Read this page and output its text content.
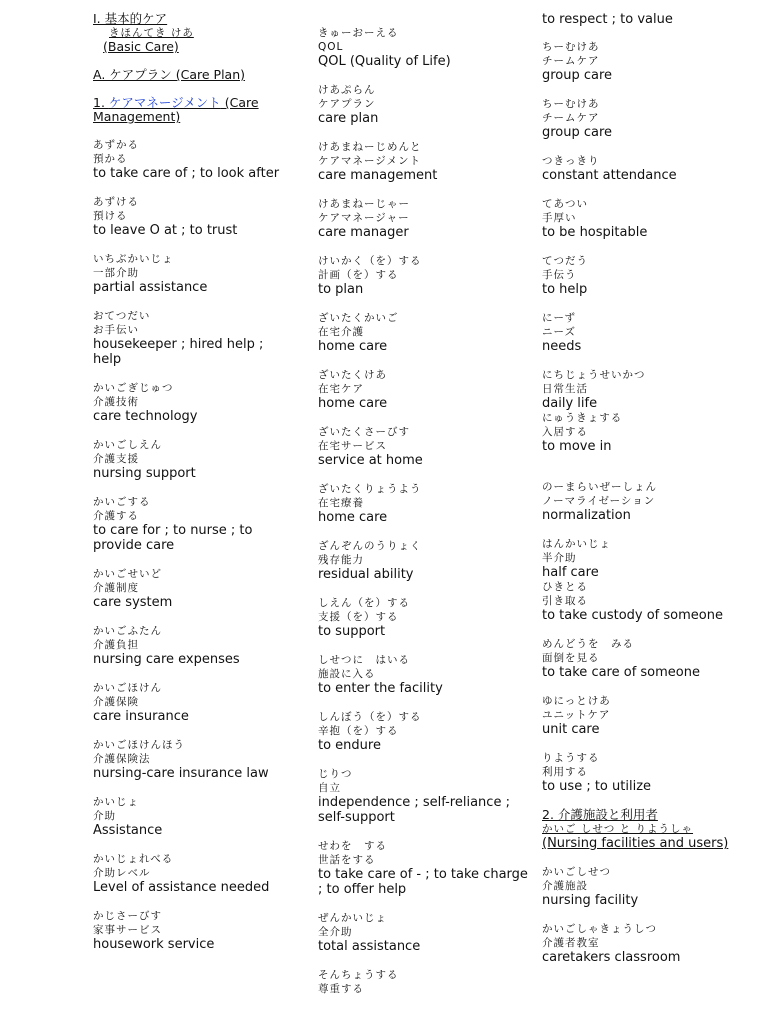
I. 基本的ケア
きほんてき けあ
(Basic Care)
A. ケアプラン (Care Plan)
1. ケアマネージメント (Care Management)
あずかる
預かる
to take care of ; to look after
あずける
預ける
to leave O at ; to trust
いちぶかいじょ
一部介助
partial assistance
おてつだい
お手伝い
housekeeper ; hired help ; help
かいごぎじゅつ
介護技術
care technology
かいごしえん
介護支援
nursing support
かいごする
介護する
to care for ; to nurse ; to provide care
かいごせいど
介護制度
care system
かいごふたん
介護負担
nursing care expenses
かいごほけん
介護保険
care insurance
かいごほけんほう
介護保険法
nursing-care insurance law
かいじょ
介助
Assistance
かいじょれべる
介助レベル
Level of assistance needed
かじさーびす
家事サービス
housework service
きゅーおーえる
QOL
QOL (Quality of Life)
けあぷらん
ケアプラン
care plan
けあまねーじめんと
ケアマネージメント
care management
けあまねーじゃー
ケアマネージャー
care manager
けいかく（を）する
計画（を）する
to plan
ざいたくかいご
在宅介護
home care
ざいたくけあ
在宅ケア
home care
ざいたくさーびす
在宅サービス
service at home
ざいたくりょうよう
在宅療養
home care
ざんぞんのうりょく
残存能力
residual ability
しえん（を）する
支援（を）する
to support
しせつに　はいる
施設に入る
to enter the facility
しんぼう（を）する
辛抱（を）する
to endure
じりつ
自立
independence ; self-reliance ; self-support
せわを　する
世話をする
to take care of - ; to take charge ; to offer help
ぜんかいじょ
全介助
total assistance
そんちょうする
尊重する
to respect ; to value
ちーむけあ
チームケア
group care
ちーむけあ
チームケア
group care
つきっきり
constant attendance
てあつい
手厚い
to be hospitable
てつだう
手伝う
to help
にーず
ニーズ
needs
にちじょうせいかつ
日常生活
daily life
にゅうきょする
入居する
to move in
のーまらいぜーしょん
ノーマライゼーション
normalization
はんかいじょ
半介助
half care
ひきとる
引き取る
to take custody of someone
めんどうを　みる
面倒を見る
to take care of someone
ゆにっとけあ
ユニットケア
unit care
りようする
利用する
to use ; to utilize
2. 介護施設と利用者
かいご しせつ と りようしゃ
(Nursing facilities and users)
かいごしせつ
介護施設
nursing facility
かいごしゃきょうしつ
介護者教室
caretakers classroom
